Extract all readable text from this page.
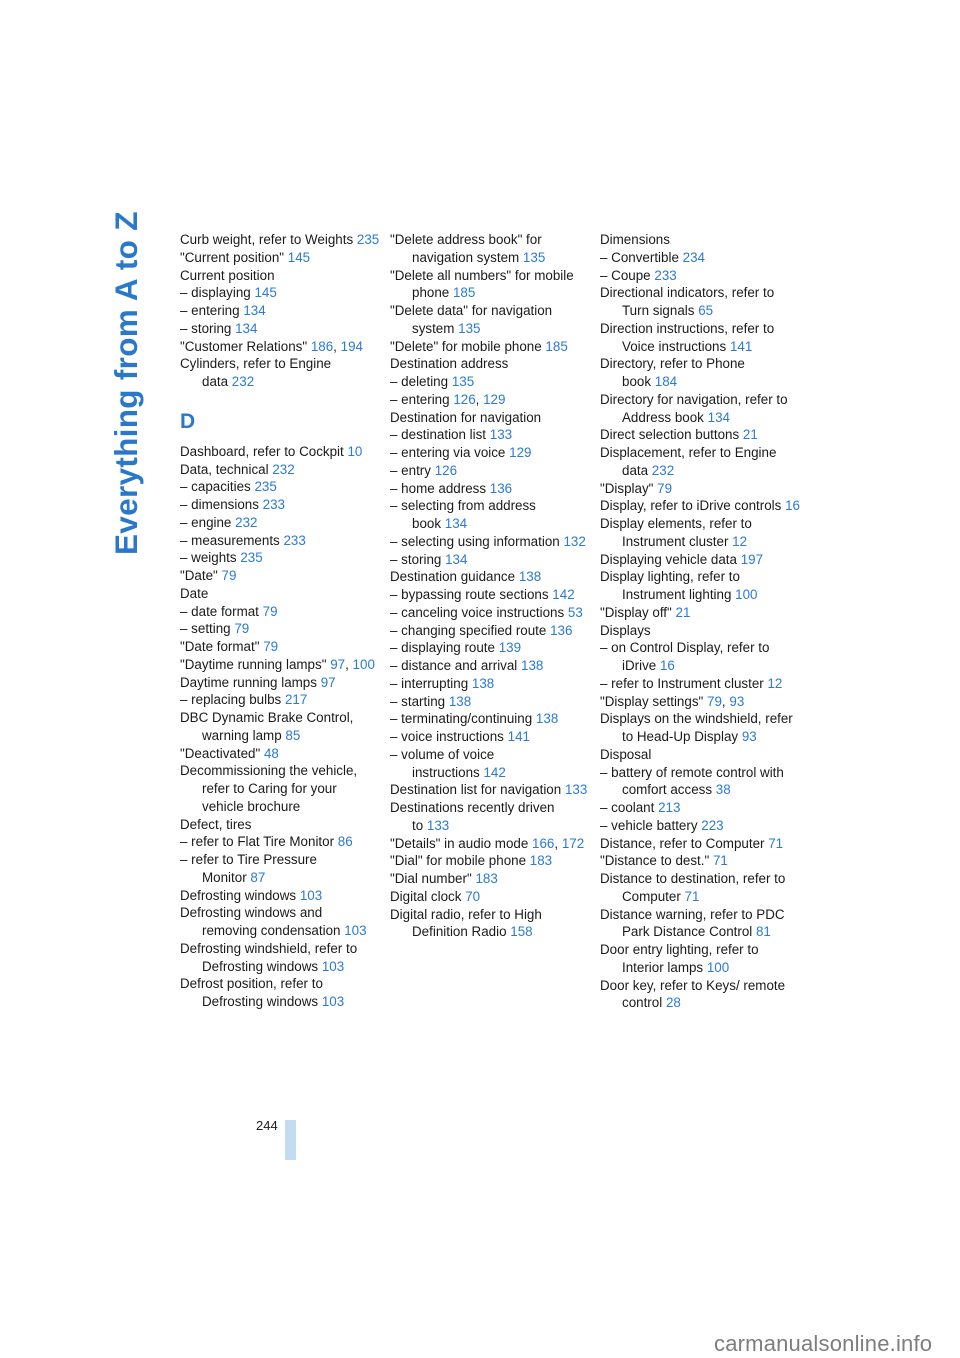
Everything from A to Z	Curb weight, refer to Weights 235

"Current position" 145

Current position

– displaying 145

– entering 134

– storing 134

"Customer Relations" 186, 194

Cylinders, refer to Engine data 232

D

Dashboard, refer to Cockpit 10

Data, technical 232

– capacities 235

– dimensions 233

– engine 232

– measurements 233

– weights 235

"Date" 79

Date

– date format 79

– setting 79

"Date format" 79

"Daytime running lamps" 97, 100

Daytime running lamps 97

– replacing bulbs 217

DBC Dynamic Brake Control, warning lamp 85

"Deactivated" 48

Decommissioning the vehicle, refer to Caring for your vehicle brochure

Defect, tires

– refer to Flat Tire Monitor 86

– refer to Tire Pressure Monitor 87

Defrosting windows 103

Defrosting windows and removing condensation 103

Defrosting windshield, refer to Defrosting windows 103

Defrost position, refer to Defrosting windows 103

"Delete address book" for navigation system 135

"Delete all numbers" for mobile phone 185

"Delete data" for navigation system 135

"Delete" for mobile phone 185

Destination address

– deleting 135

– entering 126, 129

Destination for navigation

– destination list 133

– entering via voice 129

– entry 126

– home address 136

– selecting from address book 134

– selecting using information 132

– storing 134

Destination guidance 138

– bypassing route sections 142

– canceling voice instructions 53

– changing specified route 136

– displaying route 139

– distance and arrival 138

– interrupting 138

– starting 138

– terminating/continuing 138

– voice instructions 141

– volume of voice instructions 142

Destination list for navigation 133

Destinations recently driven to 133

"Details" in audio mode 166, 172

"Dial" for mobile phone 183

"Dial number" 183

Digital clock 70

Digital radio, refer to High Definition Radio 158

Dimensions

– Convertible 234

– Coupe 233

Directional indicators, refer to Turn signals 65

Direction instructions, refer to Voice instructions 141

Directory, refer to Phone book 184

Directory for navigation, refer to Address book 134

Direct selection buttons 21

Displacement, refer to Engine data 232

"Display" 79

Display, refer to iDrive controls 16

Display elements, refer to Instrument cluster 12

Displaying vehicle data 197

Display lighting, refer to Instrument lighting 100

"Display off" 21

Displays

– on Control Display, refer to iDrive 16

– refer to Instrument cluster 12

"Display settings" 79, 93

Displays on the windshield, refer to Head-Up Display 93

Disposal

– battery of remote control with comfort access 38

– coolant 213

– vehicle battery 223

Distance, refer to Computer 71

"Distance to dest." 71

Distance to destination, refer to Computer 71

Distance warning, refer to PDC Park Distance Control 81

Door entry lighting, refer to Interior lamps 100

Door key, refer to Keys/ remote control 28

244
carmanualsonline.info
